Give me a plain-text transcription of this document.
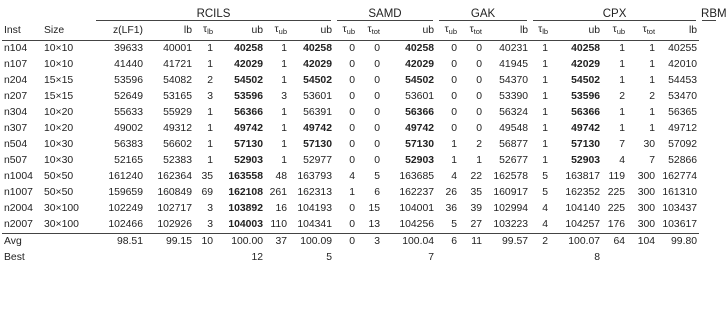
		RCILS						SAMD			GAK			CPX					RBM
Inst	Size	z(LF1)	lb	$\tau_{lb}$	ub	$\tau_{ub}$	ub	$\tau_{ub}$	$\tau_{tot}$	ub	$\tau_{ub}$	$\tau_{tot}$	lb	$\tau_{lb}$	ub	$\tau_{ub}$	$\tau_{tot}$	lb	
n104	10×10	39633	40001	1	40258	1	40258	0	0	40258	0	0	40231	1	40258	1	1	40255	
n107	10×10	41440	41721	1	42029	1	42029	0	0	42029	0	0	41945	1	42029	1	1	42010	
n204	15×15	53596	54082	2	54502	1	54502	0	0	54502	0	0	54370	1	54502	1	1	54453	
n207	15×15	52649	53165	3	53596	3	53601	0	0	53601	0	0	53390	1	53596	2	2	53470	
n304	10×20	55633	55929	1	56366	1	56391	0	0	56366	0	0	56324	1	56366	1	1	56365	
n307	10×20	49002	49312	1	49742	1	49742	0	0	49742	0	0	49548	1	49742	1	1	49712	
n504	10×30	56383	56602	1	57130	1	57130	0	0	57130	1	2	56877	1	57130	7	30	57092	
n507	10×30	52165	52383	1	52903	1	52977	0	0	52903	1	1	52677	1	52903	4	7	52866	
n1004	50×50	161240	162364	35	163558	48	163793	4	5	163685	4	22	162578	5	163817	119	300	162774	
n1007	50×50	159659	160849	69	162108	261	162313	1	6	162237	26	35	160917	5	162352	225	300	161310	
n2004	30×100	102249	102717	3	103892	16	104193	0	15	104001	36	39	102994	4	104140	225	300	103437	
n2007	30×100	102466	102926	3	104003	110	104341	0	13	104256	5	27	103223	4	104257	176	300	103617	
Avg		98.51	99.15	10	100.00	37	100.09	0	3	100.04	6	11	99.57	2	100.07	64	104	99.80	
Best					12		5			7					8				
